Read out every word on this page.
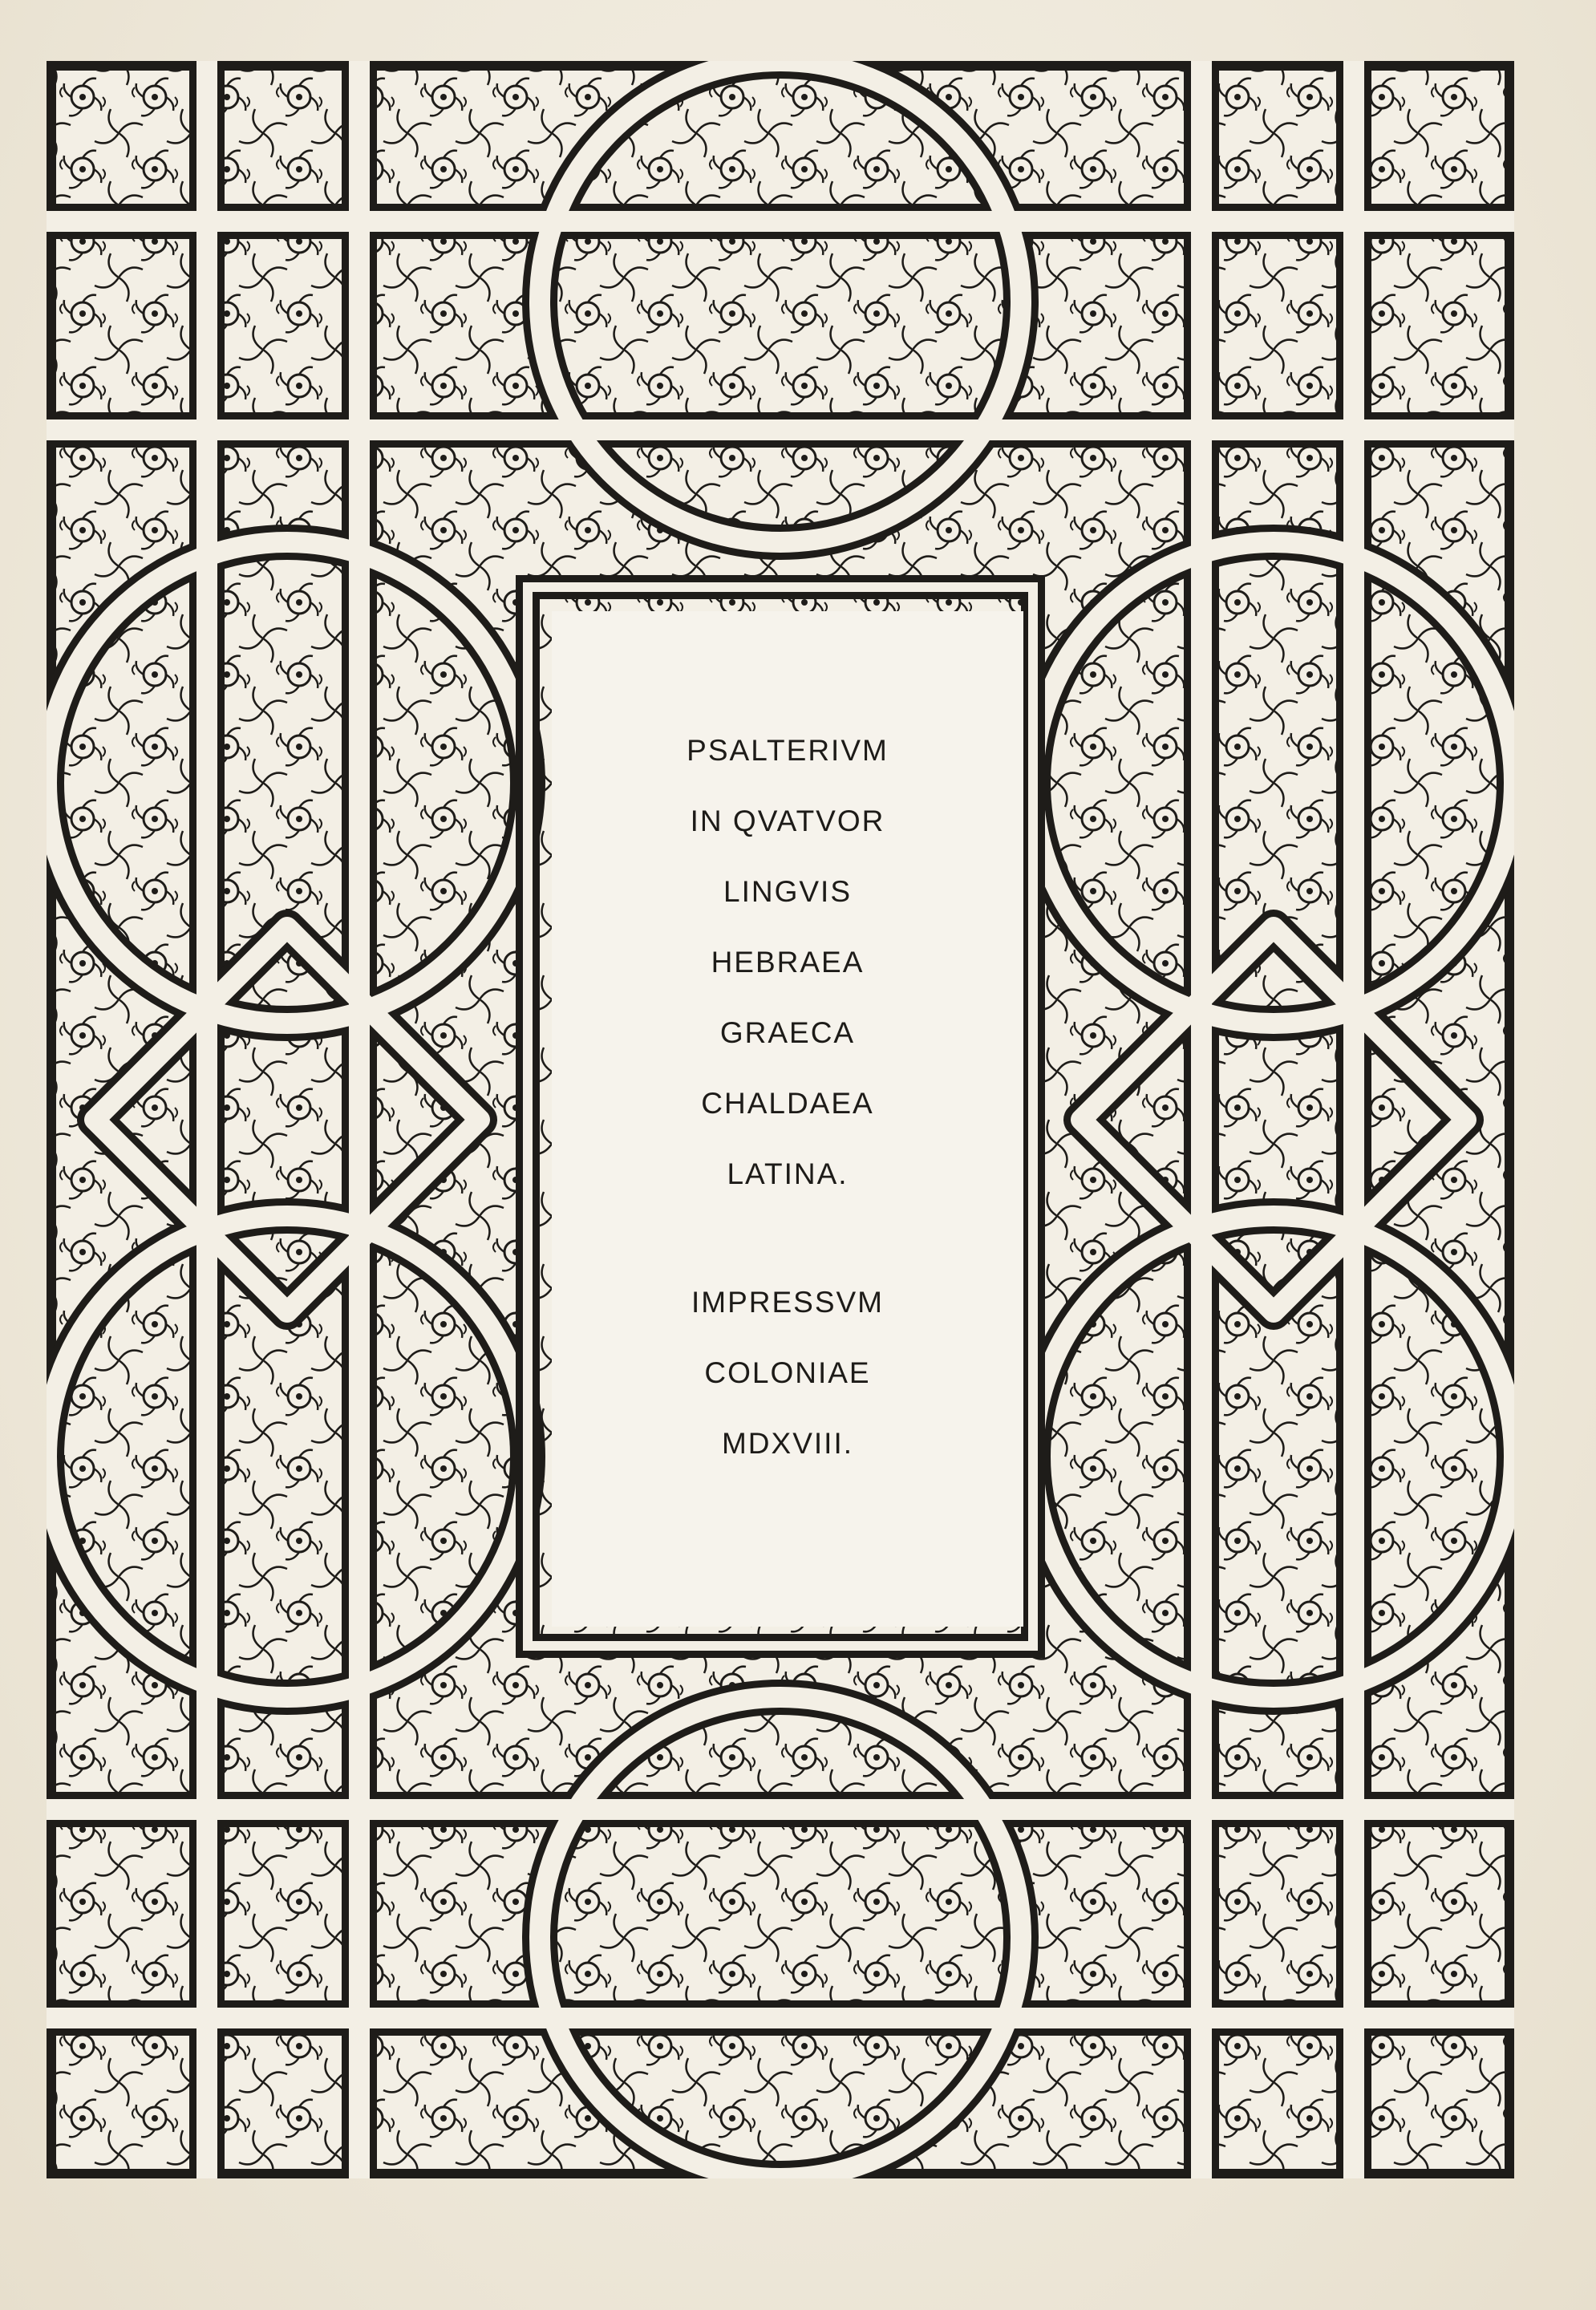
PSALTERIVM
IN QVATVOR
LINGVIS
HEBRAEA
GRAECA
CHALDAEA
LATINA.
IMPRESSVM
COLONIAE
MDXVIII.
